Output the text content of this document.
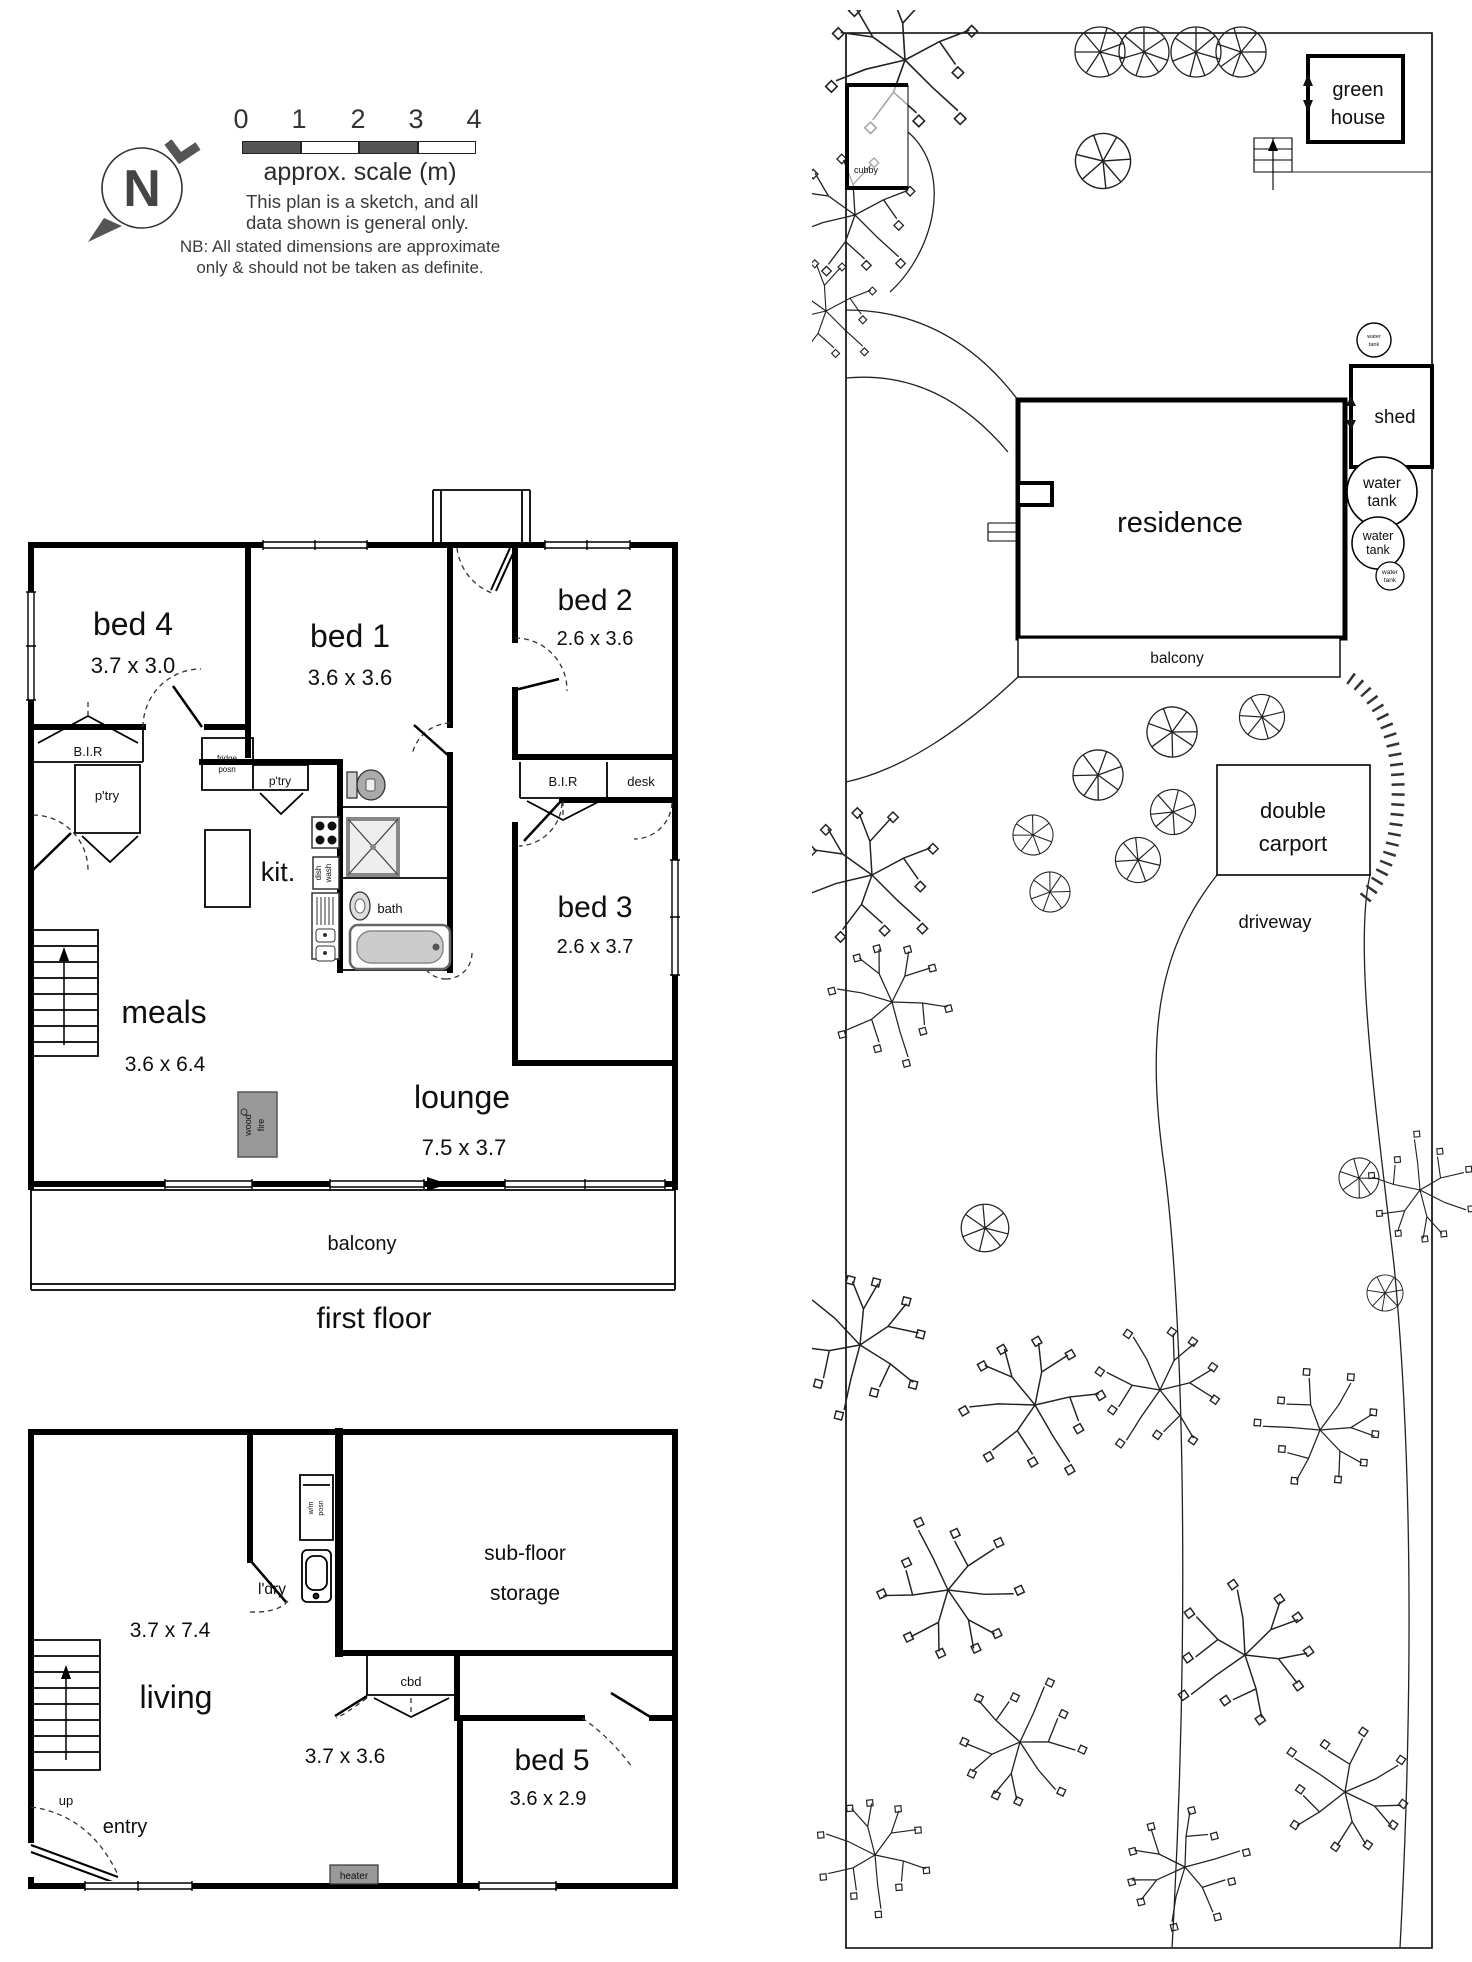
N
0 1 2 3 4
approx. scale (m)
This plan is a sketch, and all
data shown is general only.
NB: All stated dimensions are approximate
only & should not be taken as definite.
dish wash
wood fire
bed 4
3.7 x 3.0
bed 1
3.6 x 3.6
bed 2
2.6 x 3.6
bed 3
2.6 x 3.7
meals
3.6 x 6.4
lounge
7.5 x 3.7
B.I.R
p'try
fridge
posn
p'try
kit.
bath
B.I.R	desk
balcony
first floor
heater
w/m posn
l'dry
3.7 x 7.4
sub-floor
storage
cbd
living
3.7 x 3.6	bed 5
3.6 x 2.9
up
entry
cubby
green
house
water
tank
shed
residence
balcony
water
tank
water
tank
water
tank
double
carport
driveway
